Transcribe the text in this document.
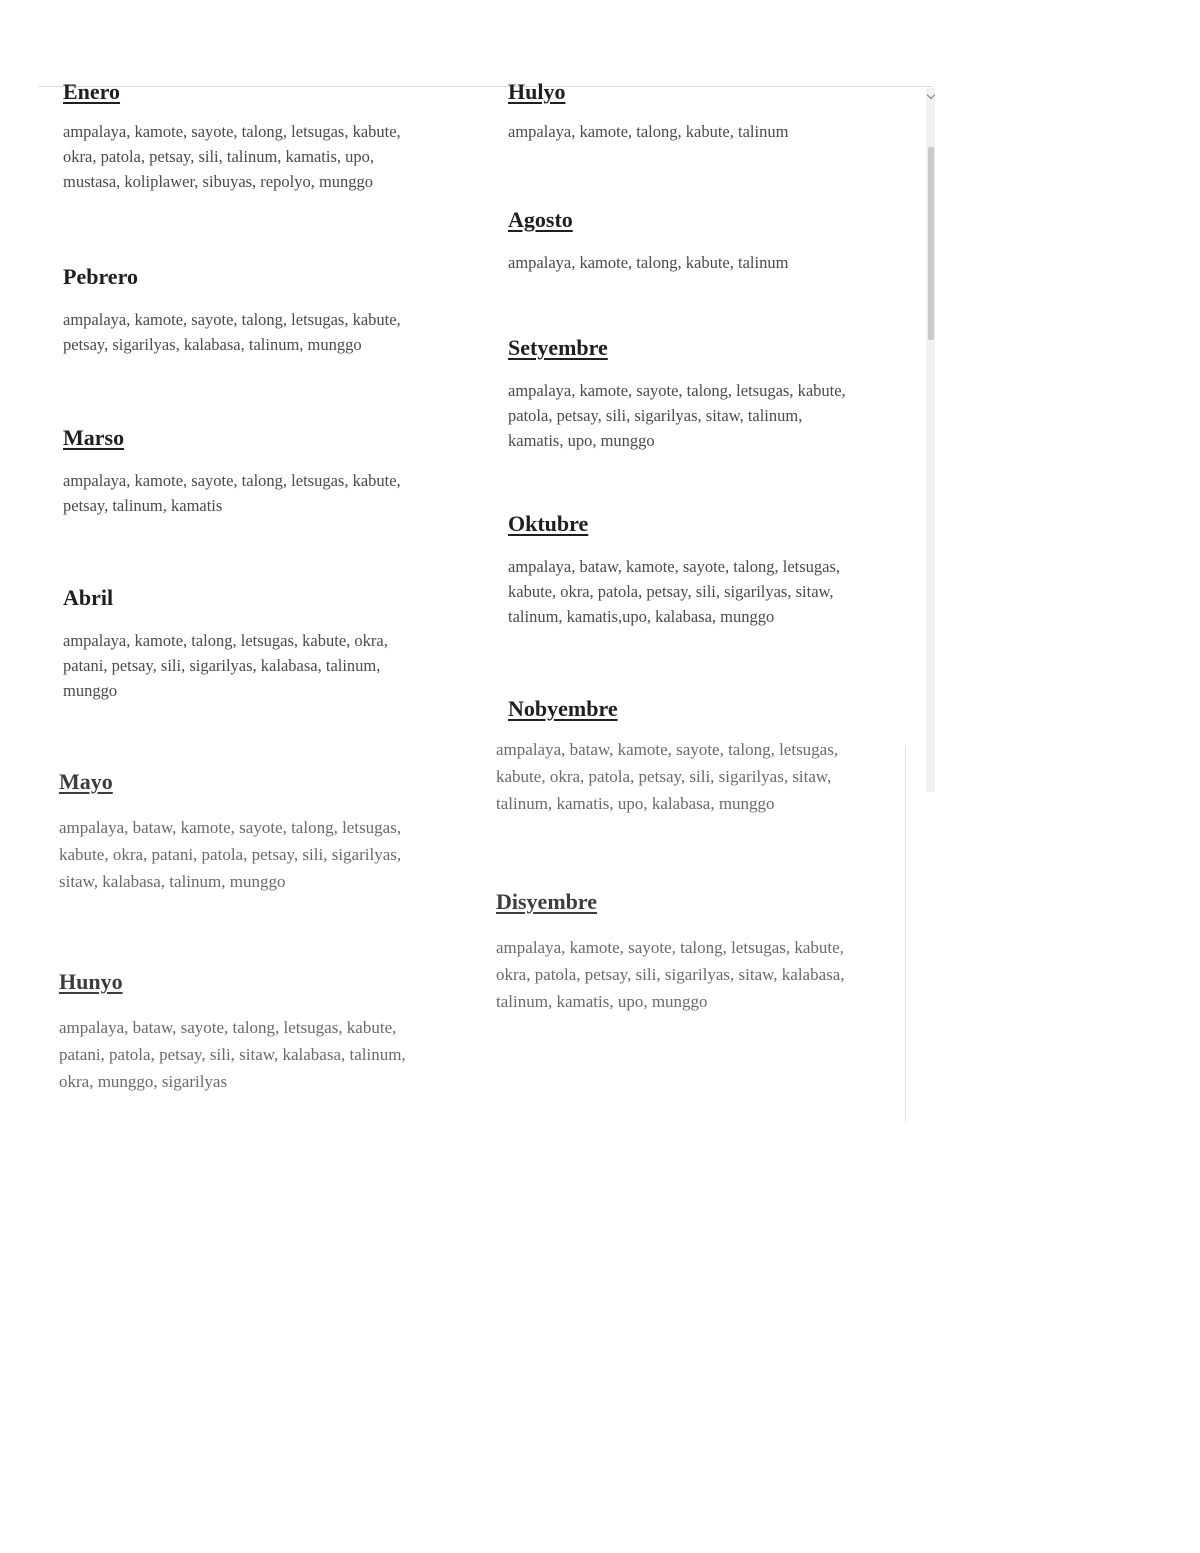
Enero

ampalaya, kamote, sayote, talong, letsugas, kabute,
okra, patola, petsay, sili, talinum, kamatis, upo,
mustasa, koliplawer, sibuyas, repolyo, munggo

Pebrero

ampalaya, kamote, sayote, talong, letsugas, kabute,
petsay, sigarilyas, kalabasa, talinum, munggo

Marso

ampalaya, kamote, sayote, talong, letsugas, kabute,
petsay, talinum, kamatis

Abril

ampalaya, kamote, talong, letsugas, kabute, okra,
patani, petsay, sili, sigarilyas, kalabasa, talinum,
munggo

Mayo

ampalaya, bataw, kamote, sayote, talong, letsugas,
kabute, okra, patani, patola, petsay, sili, sigarilyas,
sitaw, kalabasa, talinum, munggo

Hunyo

ampalaya, bataw, sayote, talong, letsugas, kabute,
patani, patola, petsay, sili, sitaw, kalabasa, talinum,
okra, munggo, sigarilyas

Hulyo

ampalaya, kamote, talong, kabute, talinum

Agosto

ampalaya, kamote, talong, kabute, talinum

Setyembre

ampalaya, kamote, sayote, talong, letsugas, kabute,
patola, petsay, sili, sigarilyas, sitaw, talinum,
kamatis, upo, munggo

Oktubre

ampalaya, bataw, kamote, sayote, talong, letsugas,
kabute, okra, patola, petsay, sili, sigarilyas, sitaw,
talinum, kamatis,upo, kalabasa, munggo

Nobyembre

ampalaya, bataw, kamote, sayote, talong, letsugas,
kabute, okra, patola, petsay, sili, sigarilyas, sitaw,
talinum, kamatis, upo, kalabasa, munggo

Disyembre

ampalaya, kamote, sayote, talong, letsugas, kabute,
okra, patola, petsay, sili, sigarilyas, sitaw, kalabasa,
talinum, kamatis, upo, munggo
